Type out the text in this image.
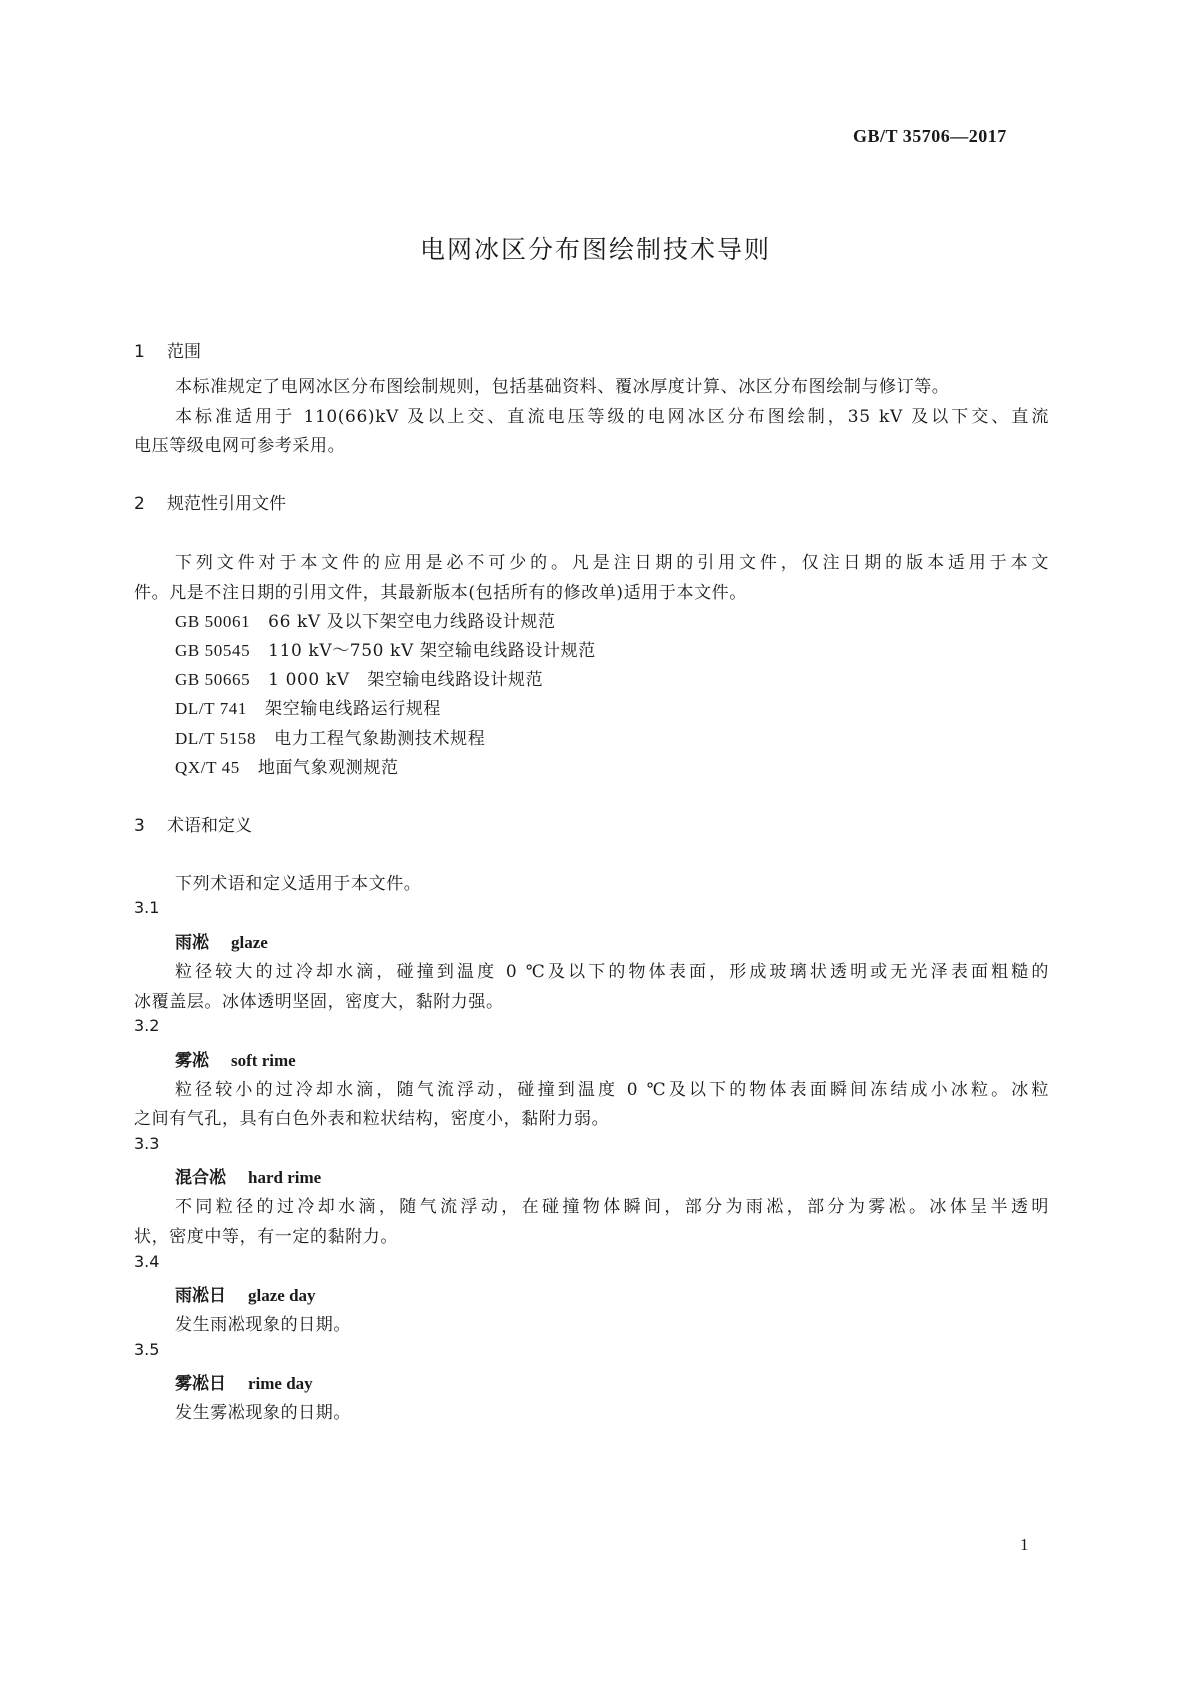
GB/T 35706—2017
电网冰区分布图绘制技术导则
1 范围
本标准规定了电网冰区分布图绘制规则，包括基础资料、覆冰厚度计算、冰区分布图绘制与修订等。
本标准适用于 110(66)kV 及以上交、直流电压等级的电网冰区分布图绘制，35 kV 及以下交、直流
电压等级电网可参考采用。
2 规范性引用文件
下列文件对于本文件的应用是必不可少的。凡是注日期的引用文件，仅注日期的版本适用于本文
件。凡是不注日期的引用文件，其最新版本(包括所有的修改单)适用于本文件。
GB 50061 66 kV 及以下架空电力线路设计规范
GB 50545 110 kV～750 kV 架空输电线路设计规范
GB 50665 1 000 kV　架空输电线路设计规范
DL/T 741 架空输电线路运行规程
DL/T 5158 电力工程气象勘测技术规程
QX/T 45 地面气象观测规范
3 术语和定义
下列术语和定义适用于本文件。
3.1
雨凇 glaze
粒径较大的过冷却水滴，碰撞到温度 0 ℃及以下的物体表面，形成玻璃状透明或无光泽表面粗糙的
冰覆盖层。冰体透明坚固，密度大，黏附力强。
3.2
雾凇 soft rime
粒径较小的过冷却水滴，随气流浮动，碰撞到温度 0 ℃及以下的物体表面瞬间冻结成小冰粒。冰粒
之间有气孔，具有白色外表和粒状结构，密度小，黏附力弱。
3.3
混合凇 hard rime
不同粒径的过冷却水滴，随气流浮动，在碰撞物体瞬间，部分为雨凇，部分为雾凇。冰体呈半透明
状，密度中等，有一定的黏附力。
3.4
雨凇日 glaze day
发生雨凇现象的日期。
3.5
雾凇日 rime day
发生雾凇现象的日期。
1
